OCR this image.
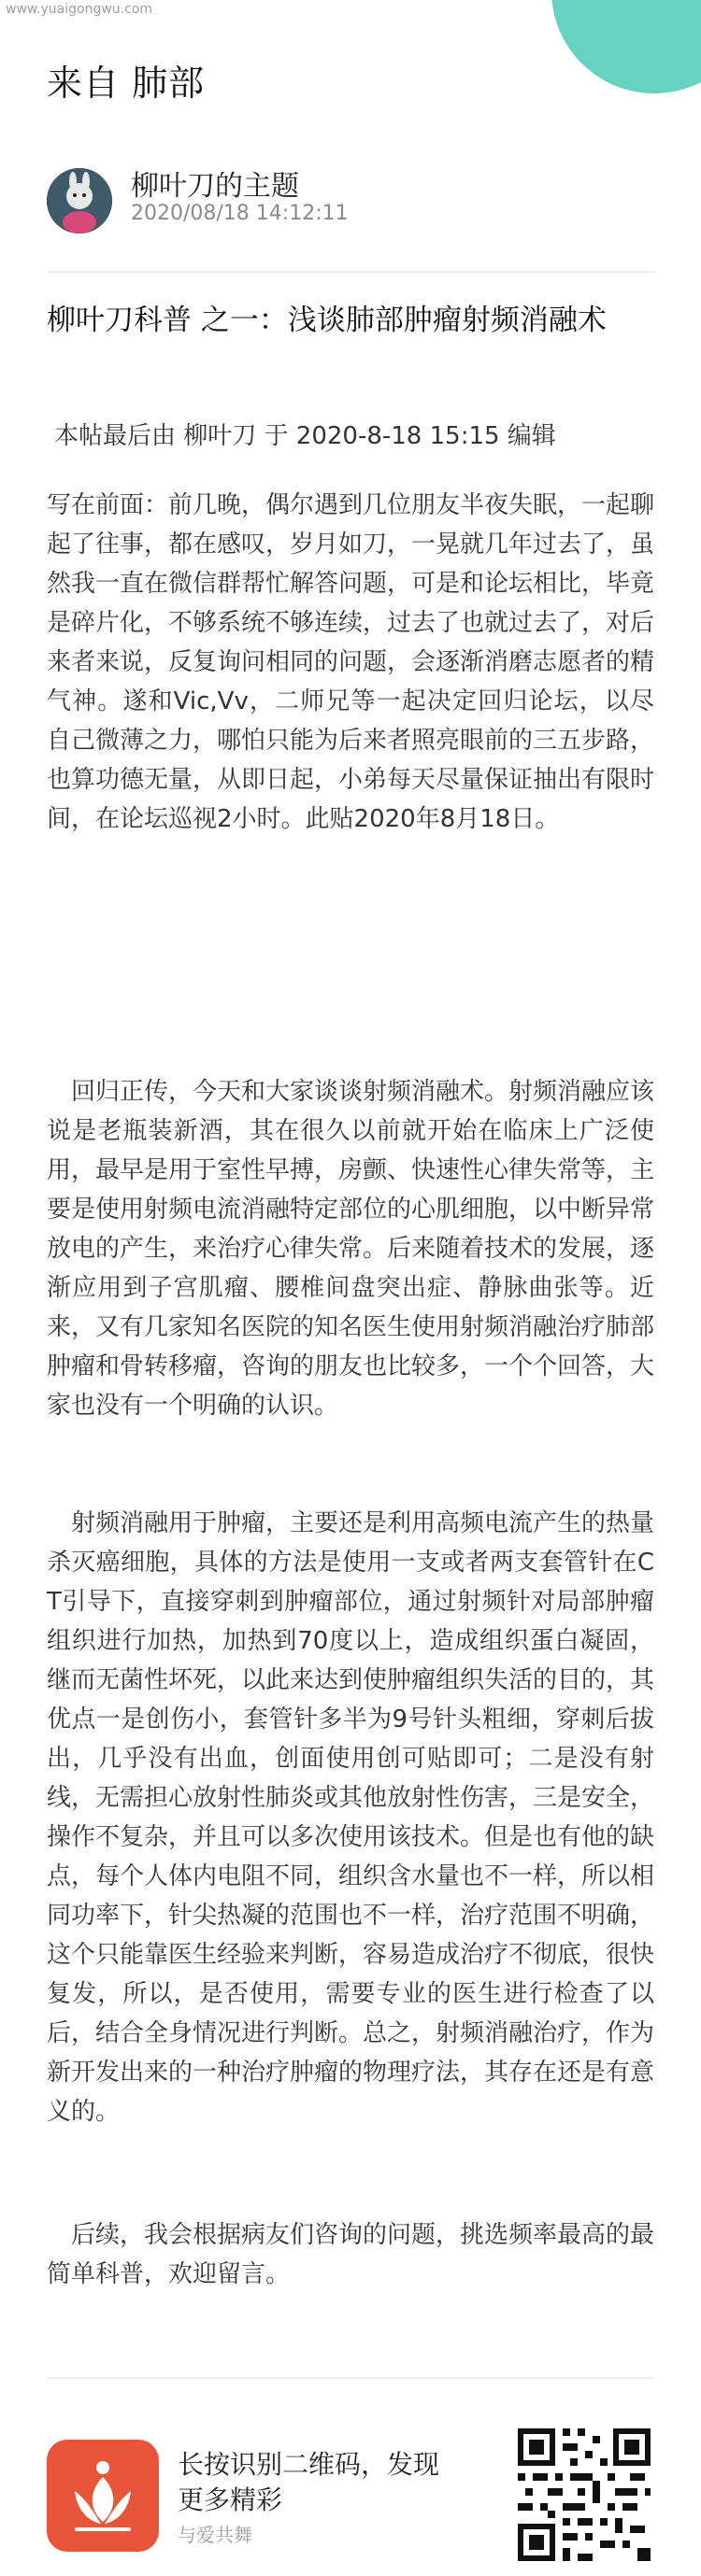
www.yuaigongwu.com
来自 肺部
柳叶刀的主题
2020/08/18 14:12:11
柳叶刀科普 之一：浅谈肺部肿瘤射频消融术
本帖最后由 柳叶刀 于 2020-8-18 15:15 编辑
写在前面：前几晚，偶尔遇到几位朋友半夜失眠，一起聊起了往事，都在感叹，岁月如刀，一晃就几年过去了，虽然我一直在微信群帮忙解答问题，可是和论坛相比，毕竟是碎片化，不够系统不够连续，过去了也就过去了，对后来者来说，反复询问相同的问题，会逐渐消磨志愿者的精气神。遂和Vic,Vv，二师兄等一起决定回归论坛，以尽自己微薄之力，哪怕只能为后来者照亮眼前的三五步路，也算功德无量，从即日起，小弟每天尽量保证抽出有限时间，在论坛巡视2小时。此贴2020年8月18日。
　回归正传，今天和大家谈谈射频消融术。射频消融应该说是老瓶装新酒，其在很久以前就开始在临床上广泛使用，最早是用于室性早搏，房颤、快速性心律失常等，主要是使用射频电流消融特定部位的心肌细胞，以中断异常放电的产生，来治疗心律失常。后来随着技术的发展，逐渐应用到子宫肌瘤、腰椎间盘突出症、静脉曲张等。近来，又有几家知名医院的知名医生使用射频消融治疗肺部肿瘤和骨转移瘤，咨询的朋友也比较多，一个个回答，大家也没有一个明确的认识。
　射频消融用于肿瘤，主要还是利用高频电流产生的热量杀灭癌细胞，具体的方法是使用一支或者两支套管针在CT引导下，直接穿刺到肿瘤部位，通过射频针对局部肿瘤组织进行加热，加热到70度以上，造成组织蛋白凝固，继而无菌性坏死，以此来达到使肿瘤组织失活的目的，其优点一是创伤小，套管针多半为9号针头粗细，穿刺后拔出，几乎没有出血，创面使用创可贴即可；二是没有射线，无需担心放射性肺炎或其他放射性伤害，三是安全，操作不复杂，并且可以多次使用该技术。但是也有他的缺点，每个人体内电阻不同，组织含水量也不一样，所以相同功率下，针尖热凝的范围也不一样，治疗范围不明确，这个只能靠医生经验来判断，容易造成治疗不彻底，很快复发，所以，是否使用，需要专业的医生进行检查了以后，结合全身情况进行判断。总之，射频消融治疗，作为新开发出来的一种治疗肿瘤的物理疗法，其存在还是有意义的。
　后续，我会根据病友们咨询的问题，挑选频率最高的最简单科普，欢迎留言。
长按识别二维码，发现更多精彩
与爱共舞
